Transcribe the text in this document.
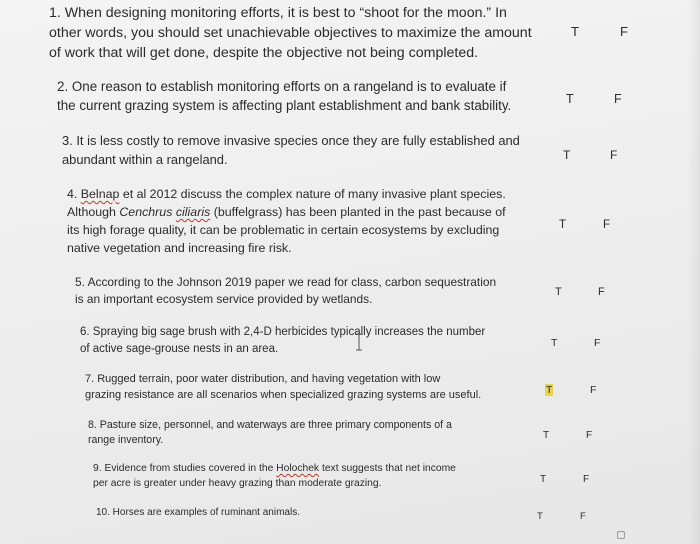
1. When designing monitoring efforts, it is best to “shoot for the moon.” In
other words, you should set unachievable objectives to maximize the amount
of work that will get done, despite the objective not being completed.
T	F
2. One reason to establish monitoring efforts on a rangeland is to evaluate if
the current grazing system is affecting plant establishment and bank stability.	T	F
3. It is less costly to remove invasive species once they are fully established and
abundant within a rangeland.	T	F
4. Belnap et al 2012 discuss the complex nature of many invasive plant species.
Although Cenchrus ciliaris (buffelgrass) has been planted in the past because of
its high forage quality, it can be problematic in certain ecosystems by excluding
native vegetation and increasing fire risk.
T	F
5. According to the Johnson 2019 paper we read for class, carbon sequestration
is an important ecosystem service provided by wetlands.	T	F
6. Spraying big sage brush with 2,4-D herbicides typically increases the number
of active sage-grouse nests in an area.	T	F
7. Rugged terrain, poor water distribution, and having vegetation with low
grazing resistance are all scenarios when specialized grazing systems are useful.	T	F
8. Pasture size, personnel, and waterways are three primary components of a
range inventory.	T	F
9. Evidence from studies covered in the Holochek text suggests that net income
per acre is greater under heavy grazing than moderate grazing.	T	F
10. Horses are examples of ruminant animals.	T	F
